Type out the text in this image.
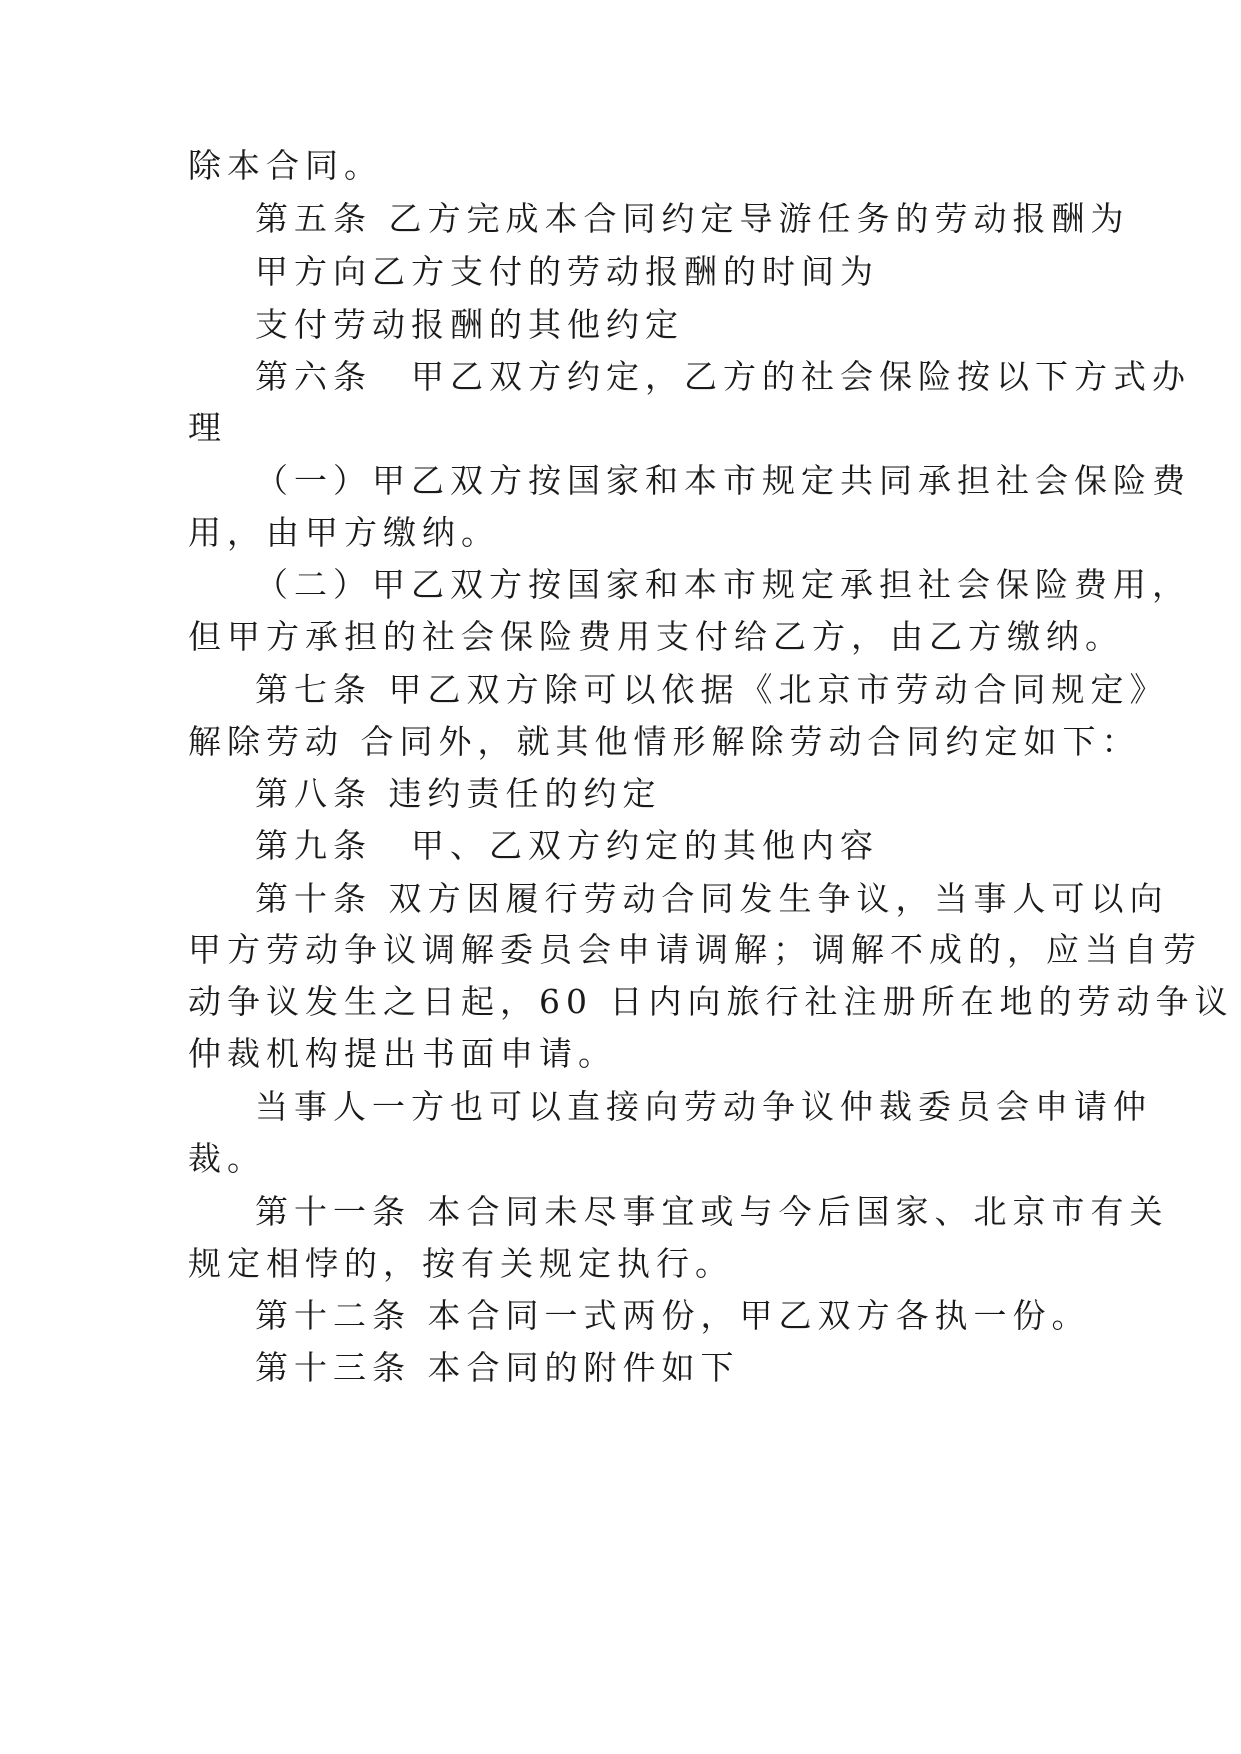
除本合同。

第五条 乙方完成本合同约定导游任务的劳动报酬为

甲方向乙方支付的劳动报酬的时间为

支付劳动报酬的其他约定

第六条　甲乙双方约定，乙方的社会保险按以下方式办

理

（一）甲乙双方按国家和本市规定共同承担社会保险费

用，由甲方缴纳。

（二）甲乙双方按国家和本市规定承担社会保险费用，

但甲方承担的社会保险费用支付给乙方，由乙方缴纳。

第七条 甲乙双方除可以依据《北京市劳动合同规定》

解除劳动 合同外，就其他情形解除劳动合同约定如下：

第八条 违约责任的约定

第九条　甲、乙双方约定的其他内容

第十条 双方因履行劳动合同发生争议，当事人可以向

甲方劳动争议调解委员会申请调解；调解不成的，应当自劳

动争议发生之日起，60 日内向旅行社注册所在地的劳动争议

仲裁机构提出书面申请。

当事人一方也可以直接向劳动争议仲裁委员会申请仲

裁。

第十一条 本合同未尽事宜或与今后国家、北京市有关

规定相悖的，按有关规定执行。

第十二条 本合同一式两份，甲乙双方各执一份。

第十三条 本合同的附件如下
